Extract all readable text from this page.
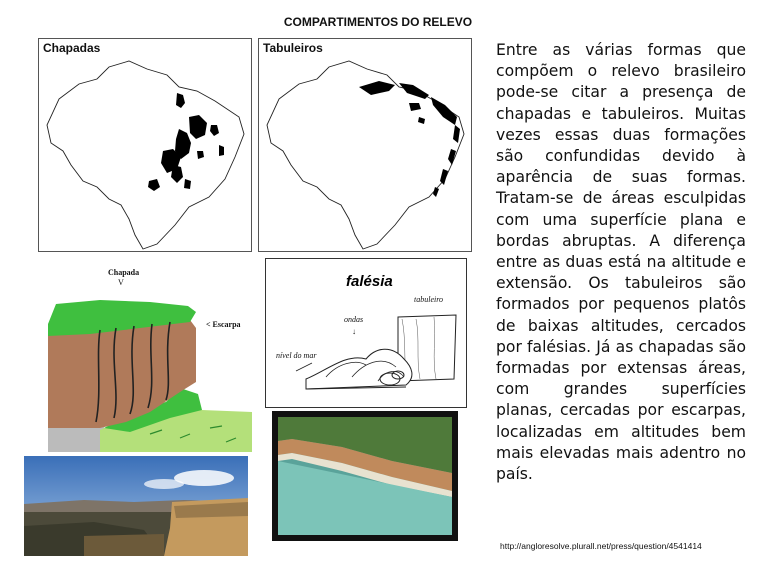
COMPARTIMENTOS DO RELEVO
Chapadas	Tabuleiros
Chapada
V
< Escarpa
falésia
tabuleiro
ondas
↓
nível do mar
Entre as várias formas que compõem o relevo brasileiro pode-se citar a presença de chapadas e tabuleiros. Muitas vezes essas duas formações são confundidas devido à aparência de suas formas. Tratam-se de áreas esculpidas com uma superfície plana e bordas abruptas. A diferença entre as duas está na altitude e extensão. Os tabuleiros são formados por pequenos platôs de baixas altitudes, cercados por falésias. Já as chapadas são formadas por extensas áreas, com grandes superfícies planas, cercadas por escarpas, localizadas em altitudes bem mais elevadas mais adentro no país.
http://angloresolve.plurall.net/press/question/4541414
